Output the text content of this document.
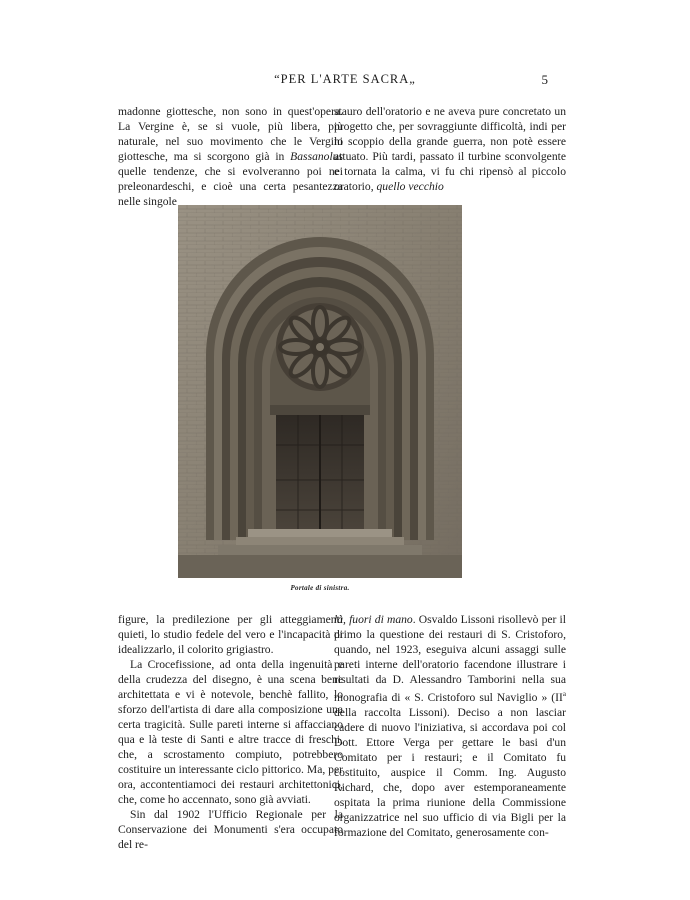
“PER L'ARTE SACRA„	5

madonne giottesche, non sono in quest'opera. La Vergine è, se si vuole, più libera, più naturale, nel suo movimento che le Vergini giottesche, ma si scorgono già in Bassanolus quelle tendenze, che si evolveranno poi nei preleonardeschi, e cioè una certa pesantezza nelle singole

stauro dell'oratorio e ne aveva pure concretato un progetto che, per sovraggiunte difficoltà, indi per lo scoppio della grande guerra, non potè essere attuato. Più tardi, passato il turbine sconvolgente e tornata la calma, vi fu chi ripensò al piccolo oratorio, quello vecchio

Portale di sinistra.

figure, la predilezione per gli atteggiamenti quieti, lo studio fedele del vero e l'incapacità di idealizzarlo, il colorito grigiastro.

La Crocefissione, ad onta della ingenuità e della crudezza del disegno, è una scena bene architettata e vi è notevole, benchè fallito, lo sforzo dell'artista di dare alla composizione una certa tragicità. Sulle pareti interne si affacciano qua e là teste di Santi e altre tracce di freschi, che, a scrostamento compiuto, potrebbero costituire un interessante ciclo pittorico. Ma, per ora, accontentiamoci dei restauri architettonici, che, come ho accennato, sono già avviati.

Sin dal 1902 l'Ufficio Regionale per la Conservazione dei Monumenti s'era occupato del re-

là, fuori di mano. Osvaldo Lissoni risollevò per il primo la questione dei restauri di S. Cristoforo, quando, nel 1923, eseguiva alcuni assaggi sulle pareti interne dell'oratorio facendone illustrare i risultati da D. Alessandro Tamborini nella sua monografia di « S. Cristoforo sul Naviglio » ($II^a$ della raccolta Lissoni). Deciso a non lasciar cadere di nuovo l'iniziativa, si accordava poi col Dott. Ettore Verga per gettare le basi d'un Comitato per i restauri; e il Comitato fu costituito, auspice il Comm. Ing. Augusto Richard, che, dopo aver estemporaneamente ospitata la prima riunione della Commissione organizzatrice nel suo ufficio di via Bigli per la formazione del Comitato, generosamente con-
